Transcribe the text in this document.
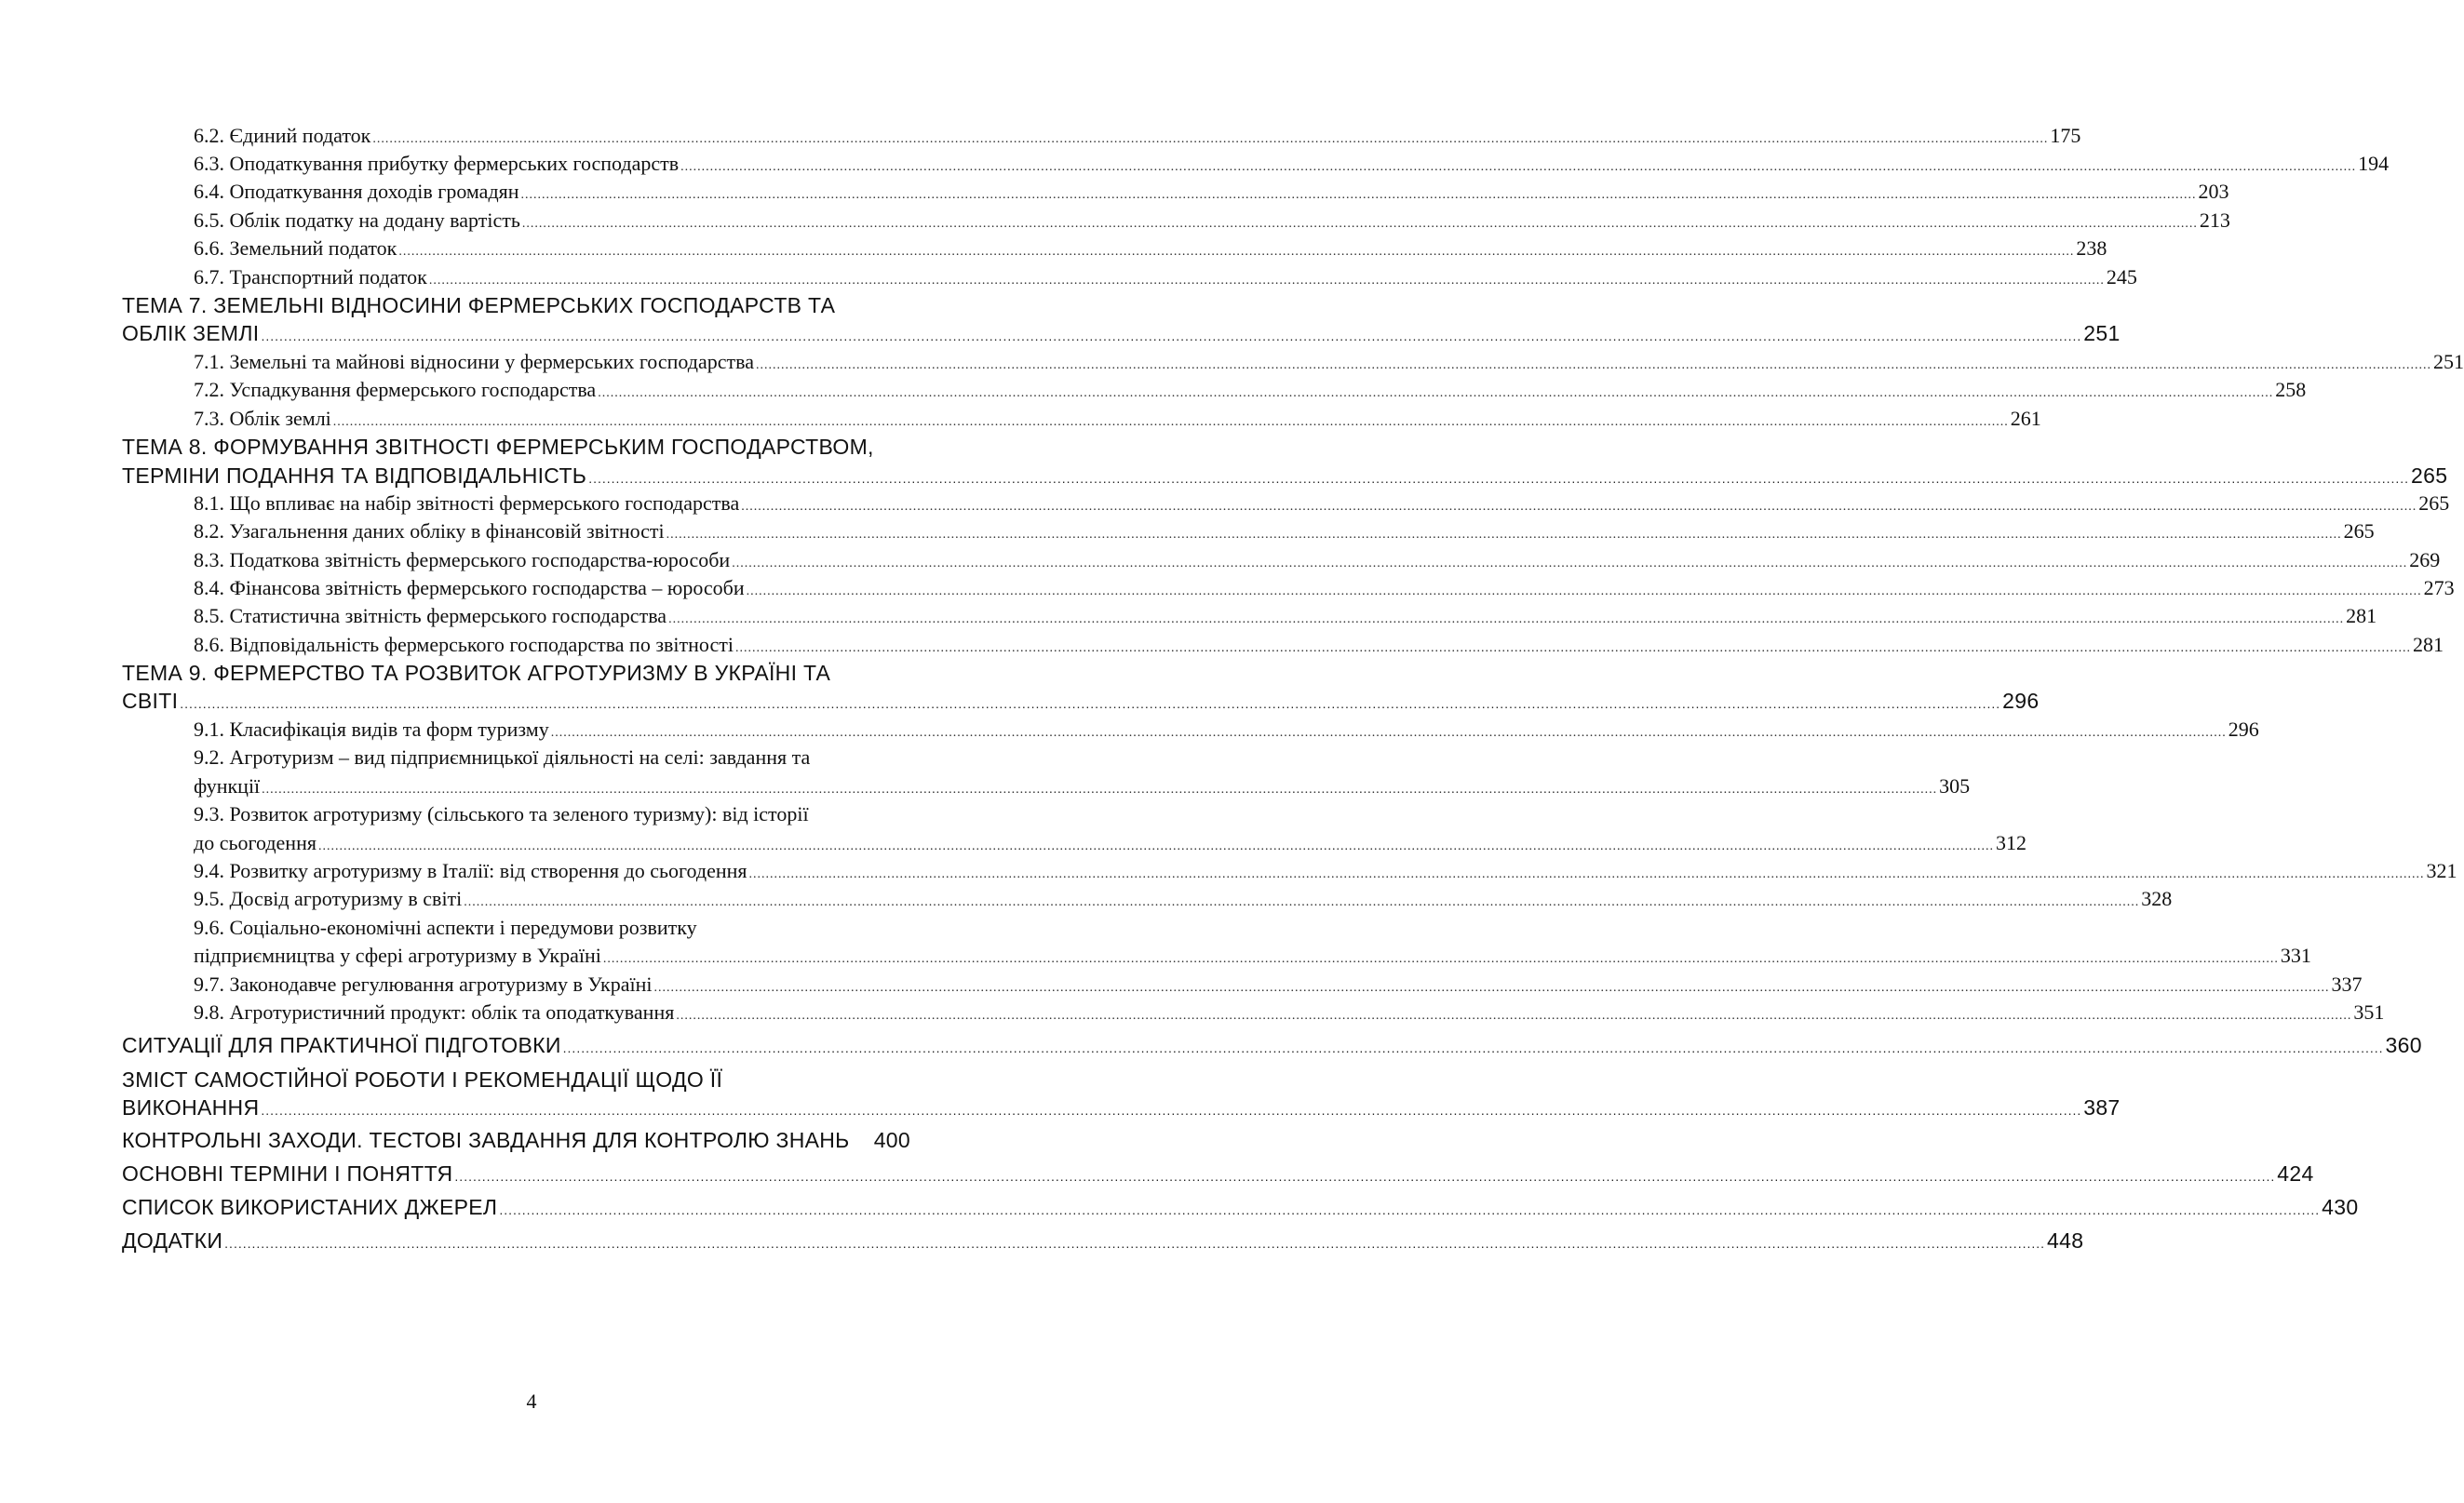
6.2. Єдиний податок ................................................................................................................................................................................................................................................................................................................................................................................................................ 175
6.3. Оподаткування прибутку фермерських господарств ................................................................................................................................................................................................................................................................................................................................................................................................................ 194
6.4. Оподаткування доходів громадян ................................................................................................................................................................................................................................................................................................................................................................................................................ 203
6.5. Облік податку на додану вартість ................................................................................................................................................................................................................................................................................................................................................................................................................ 213
6.6. Земельний податок ................................................................................................................................................................................................................................................................................................................................................................................................................ 238
6.7. Транспортний податок ................................................................................................................................................................................................................................................................................................................................................................................................................ 245
ТЕМА 7. ЗЕМЕЛЬНІ ВІДНОСИНИ ФЕРМЕРСЬКИХ ГОСПОДАРСТВ ТА
ОБЛІК ЗЕМЛІ ................................................................................................................................................................................................................................................................................................................................................................................................................ 251
7.1. Земельні та майнові відносини у фермерських господарства ................................................................................................................................................................................................................................................................................................................................................................................................................ 251
7.2. Успадкування фермерського господарства ................................................................................................................................................................................................................................................................................................................................................................................................................ 258
7.3. Облік землі ................................................................................................................................................................................................................................................................................................................................................................................................................ 261
ТЕМА 8. ФОРМУВАННЯ ЗВІТНОСТІ ФЕРМЕРСЬКИМ ГОСПОДАРСТВОМ,
ТЕРМІНИ ПОДАННЯ ТА ВІДПОВІДАЛЬНІСТЬ ................................................................................................................................................................................................................................................................................................................................................................................................................ 265
8.1. Що впливає на набір звітності фермерського господарства ................................................................................................................................................................................................................................................................................................................................................................................................................ 265
8.2. Узагальнення даних обліку в фінансовій звітності ................................................................................................................................................................................................................................................................................................................................................................................................................ 265
8.3. Податкова звітність фермерського господарства-юрособи ................................................................................................................................................................................................................................................................................................................................................................................................................ 269
8.4. Фінансова звітність фермерського господарства – юрособи ................................................................................................................................................................................................................................................................................................................................................................................................................ 273
8.5. Статистична звітність фермерського господарства ................................................................................................................................................................................................................................................................................................................................................................................................................ 281
8.6. Відповідальність фермерського господарства по звітності ................................................................................................................................................................................................................................................................................................................................................................................................................ 281
ТЕМА 9. ФЕРМЕРСТВО ТА РОЗВИТОК АГРОТУРИЗМУ В УКРАЇНІ ТА
СВІТІ ................................................................................................................................................................................................................................................................................................................................................................................................................ 296
9.1. Класифікація видів та форм туризму ................................................................................................................................................................................................................................................................................................................................................................................................................ 296
9.2. Агротуризм – вид підприємницької діяльності на селі: завдання та
функції ................................................................................................................................................................................................................................................................................................................................................................................................................ 305
9.3. Розвиток агротуризму (сільського та зеленого туризму): від історії
до сьогодення ................................................................................................................................................................................................................................................................................................................................................................................................................ 312
9.4. Розвитку агротуризму в Італії: від створення до сьогодення ................................................................................................................................................................................................................................................................................................................................................................................................................ 321
9.5. Досвід агротуризму в світі ................................................................................................................................................................................................................................................................................................................................................................................................................ 328
9.6. Соціально-економічні аспекти і передумови розвитку
підприємництва у сфері агротуризму в Україні ................................................................................................................................................................................................................................................................................................................................................................................................................ 331
9.7. Законодавче регулювання агротуризму в Україні ................................................................................................................................................................................................................................................................................................................................................................................................................ 337
9.8. Агротуристичний продукт: облік та оподаткування ................................................................................................................................................................................................................................................................................................................................................................................................................ 351
СИТУАЦІЇ ДЛЯ ПРАКТИЧНОЇ ПІДГОТОВКИ ................................................................................................................................................................................................................................................................................................................................................................................................................ 360
ЗМІСТ САМОСТІЙНОЇ РОБОТИ І РЕКОМЕНДАЦІЇ ЩОДО ЇЇ
ВИКОНАННЯ ................................................................................................................................................................................................................................................................................................................................................................................................................ 387
КОНТРОЛЬНІ ЗАХОДИ. ТЕСТОВІ ЗАВДАННЯ ДЛЯ КОНТРОЛЮ ЗНАНЬ 400
ОСНОВНІ ТЕРМІНИ І ПОНЯТТЯ ................................................................................................................................................................................................................................................................................................................................................................................................................ 424
СПИСОК ВИКОРИСТАНИХ ДЖЕРЕЛ ................................................................................................................................................................................................................................................................................................................................................................................................................ 430
ДОДАТКИ ................................................................................................................................................................................................................................................................................................................................................................................................................ 448
4
